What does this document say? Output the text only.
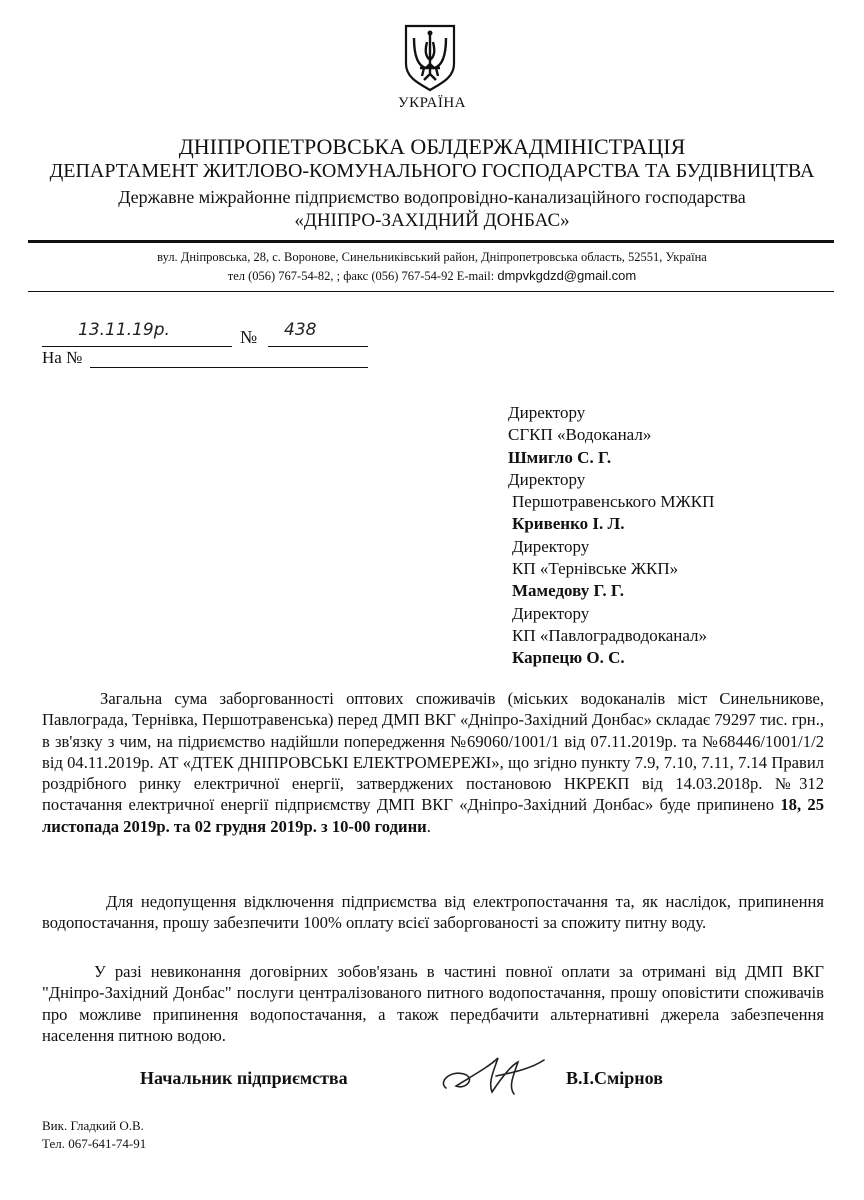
УКРАЇНА
ДНІПРОПЕТРОВСЬКА ОБЛДЕРЖАДМІНІСТРАЦІЯ
ДЕПАРТАМЕНТ ЖИТЛОВО-КОМУНАЛЬНОГО ГОСПОДАРСТВА ТА БУДІВНИЦТВА
Державне міжрайонне підприємство водопровідно-канализаційного господарства
«ДНІПРО-ЗАХІДНИЙ ДОНБАС»
вул. Дніпровська, 28, с. Воронове, Синельниківський район, Дніпропетровська область, 52551, Україна
тел (056) 767-54-82, ; факс (056) 767-54-92 E-mail: dmpvkgdzd@gmail.com
13.11.19р.	№ 438
На №
Директору
СГКП «Водоканал»
Шмигло С. Г.
Директору
Першотравенського МЖКП
Кривенко І. Л.
Директору
КП «Тернівське ЖКП»
Мамедову Г. Г.
Директору
КП «Павлоградводоканал»
Карпецю О. С.

Загальна сума заборгованності оптових споживачів (міських водоканалів міст Синельникове, Павлограда, Тернівка, Першотравенська) перед ДМП ВКГ «Дніпро-Західний Донбас» складає 79297 тис. грн., в зв'язку з чим, на підриємство надійшли попередження №69060/1001/1 від 07.11.2019р. та №68446/1001/1/2 від 04.11.2019р. АТ «ДТЕК ДНІПРОВСЬКІ ЕЛЕКТРОМЕРЕЖІ», що згідно пункту 7.9, 7.10, 7.11, 7.14 Правил роздрібного ринку електричної енергії, затверджених постановою НКРЕКП від 14.03.2018р. №312 постачання електричної енергії підприємству ДМП ВКГ «Дніпро-Західний Донбас» буде припинено 18, 25 листопада 2019р. та 02 грудня 2019р. з 10-00 години.

Для недопущення відключення підприємства від електропостачання та, як наслідок, припинення водопостачання, прошу забезпечити 100% оплату всієї заборгованості за спожиту питну воду.

У разі невиконання договірних зобов'язань в частині повної оплати за отримані від ДМП ВКГ "Дніпро-Західний Донбас" послуги централізованого питного водопостачання, прошу оповістити споживачів про можливе припинення водопостачання, а також передбачити альтернативні джерела забезпечення населення питною водою.

Начальник підприємства	В.І.Смірнов
Вик. Гладкий О.В.
Тел. 067-641-74-91
